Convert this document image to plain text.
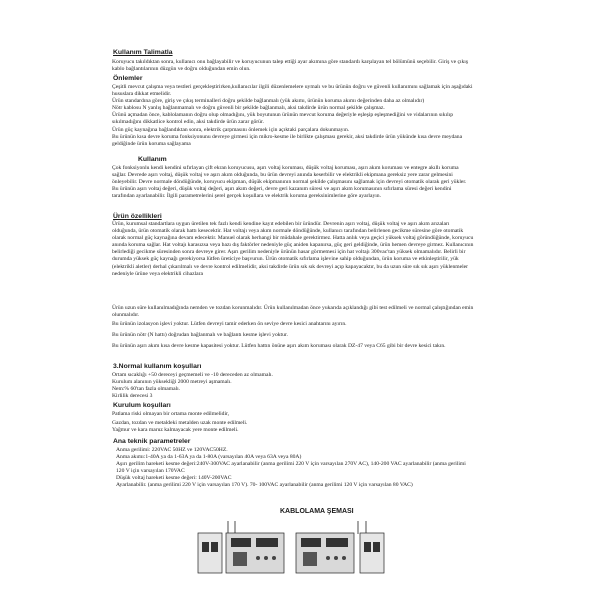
Kullanım Talimatla

Koruyucu takıldıktan sonra, kullanıcı onu bağlayabilir ve koruyucunun talep ettiği ayar akımına göre standardı karşılayan tel bölümünü seçebilir. Giriş ve çıkış kablo bağlantılarının düzgün ve doğru olduğundan emin olun.

Önlemler

Çeşitli mevcut çalışma veya testleri gerçekleştirirken,kullanıcılar ilgili düzenlemelere uymalı ve bu ürünün doğru ve güvenli kullanımını sağlamak için aşağıdaki hususlara dikkat etmelidir.

Ürün standardına göre, giriş ve çıkış terminalleri doğru şekilde bağlanmalı (yük akımı, ürünün koruma akımı değerinden daha az olmalıdır)

Nötr kablosu N yanlış bağlanmamalı ve doğru güvenli bir şekilde bağlanmalı, aksi takdirde ürün normal şekilde çalışmaz.

Ürünü açmadan önce, kablolamanın doğru olup olmadığını, yük boyutunun ürünün mevcut koruma değeriyle eşleşip eşleşmediğini ve vidalarının sıkılıp sıkılmadığını dikkatlice kontrol edin, aksi takdirde ürün zarar görür.

Ürün güç kaynağına bağlandıktan sonra, elektrik çarpmasını önlemek için açıktaki parçalara dokunmayın.

Bu ürünün kısa devre koruma fonksiyonunu devreye girmesi için mikro-kesme ile birlikte çalışması gerekir, aksi takdirde ürün yükünde kısa devre meydana geldiğinde ürün koruma sağlayama

Kullanım

Çok fonksiyonlu kendi kendini sıfırlayan çift ekran koruyucusu, aşırı voltaj koruması, düşük voltaj koruması, aşırı akım koruması ve entegre akıllı koruma sağlar. Devrede aşırı voltaj, düşük voltaj ve aşırı akım olduğunda, bu ürün devreyi anında keserbilir ve elektrikli ekipmana gereksiz yere zarar gelmesini önleyebilir. Devre normale döndüğünde, koruyucu ekipman, düşük ekipmanının normal şekilde çalışmasını sağlamak için devreyi otomatik olarak geri yükler. Bu ürünün aşırı voltaj değeri, düşük voltaj değeri, aşırı akım değeri, devre geri kazanım süresi ve aşırı akım korumasının sıfırlama süresi değeri kendini tarafından ayarlanabilir. İlgili parametrelerini şerel gerçek koşullara ve elektrik koruma gereksinimlerine göre ayarlayın.

Ürün özellikleri

Ürün, kurumsal standartlara uygun üretilen tek fazlı kendi kendine kayıt edebilen bir üründür. Devrenin aşırı voltaj, düşük voltaj ve aşırı akım arızaları olduğunda, ürün otomatik olarak hattı kesecektir. Hat voltajı veya akım normale döndüğünde, kullanıcı tarafından belirlenen gecikme süresine göre otomatik olarak normal güç kaynağına devam edecektir. Manuel olarak herhangi bir müdahale gerektirmez. Hatta anlık veya geçici yüksek voltaj göründüğünde, koruyucu anında koruma sağlar. Hat voltajı karasızsa veya bazı dış faktörler nedeniyle güç aniden kapanırsa, güç geri geldiğinde, ürün hemen devreye girmez. Kullanıcının belirlediği gecikme süresinden sonra devreye girer. Aşırı gerilim nedeniyle ürünün hasar görmemesi için hat voltajı 300vac'tan yüksek olmamalıdır. Belirli bir durumda yüksek güç kaynağı gerekiyorsa lütfen üreticiye başvurun. Ürün otomatik sıfırlama işlevine sahip olduğundan, ürün koruma ve etkinleştirilir, yük (elektrikli aletler) derhal çıkarılmalı ve devre kontrol edilmelidir, aksi takdirde ürün sık sık devreyi açıp kapayacaktır, bu da uzun süre sık sık aşırı yüklenmeler nedeniyle ürüne veya elektrikli cihazlara

Ürün uzun süre kullanılmadığında nemden ve tozdan korunmalıdır. Ürün kullanılmadan önce yukarıda açıklandığı gibi test edilmeli ve normal çalıştığından emin olunmalıdır.

Bu ürünün izolasyon işlevi yoktur. Lütfen devreyi tamir ederken ön seviye devre kesici anahtarını ayırın.

Bu ürünün nötr (N hattı) doğrudan bağlanmalı ve bağlantı kesme işlevi yoktur.

Bu ürünün aşırı akım kısa devre kesme kapasitesi yoktur. Lütfen hattın önüne aşırı akım koruması olarak DZ-47 veya C65 gibi bir devre kesici takın.

3.Normal kullanım koşulları

Ortam sıcaklığı +50 dereceyi geçmemeli ve -10 dereceden az olmamalı.

Kurulum alanının yüksekliği 2000 metreyi aşmamalı.

Nem:% 60'tan fazla olmamalı.

Kirlilik derecesi 3

Kurulum koşulları

Patlama riski olmayan bir ortama monte edilmelidir,

Gazdan, tozdan ve metaldeki metalden uzak monte edilmeli.

Yağmur ve kara maruz kalmayacak yere monte edilmeli.

Ana teknik parametreler

Anma gerilimi: 220VAC 50HZ ve 120VAC50HZ.

Anma akımı:1-40A ya da 1-63A ya da 1-80A (varsayılan 40A veya 63A veya 80A)

Aşırı gerilim hareketi kesme değeri:240V-300VAC ayarlanabilir (anma gerilimi 220 V için varsayılan 270V AC), 140-200 VAC ayarlanabilir (anma gerilimi 120 V için varsayılan 170VAC

Düşük voltaj hareketi kesme değeri: 140V-200VAC

Ayarlanabilir. (anma gerilimi 220 V için varsayılan 170 V). 70- 100VAC ayarlanabilir (anma gerilimi 120 V için varsayılan 80 VAC)

KABLOLAMA ŞEMASI
